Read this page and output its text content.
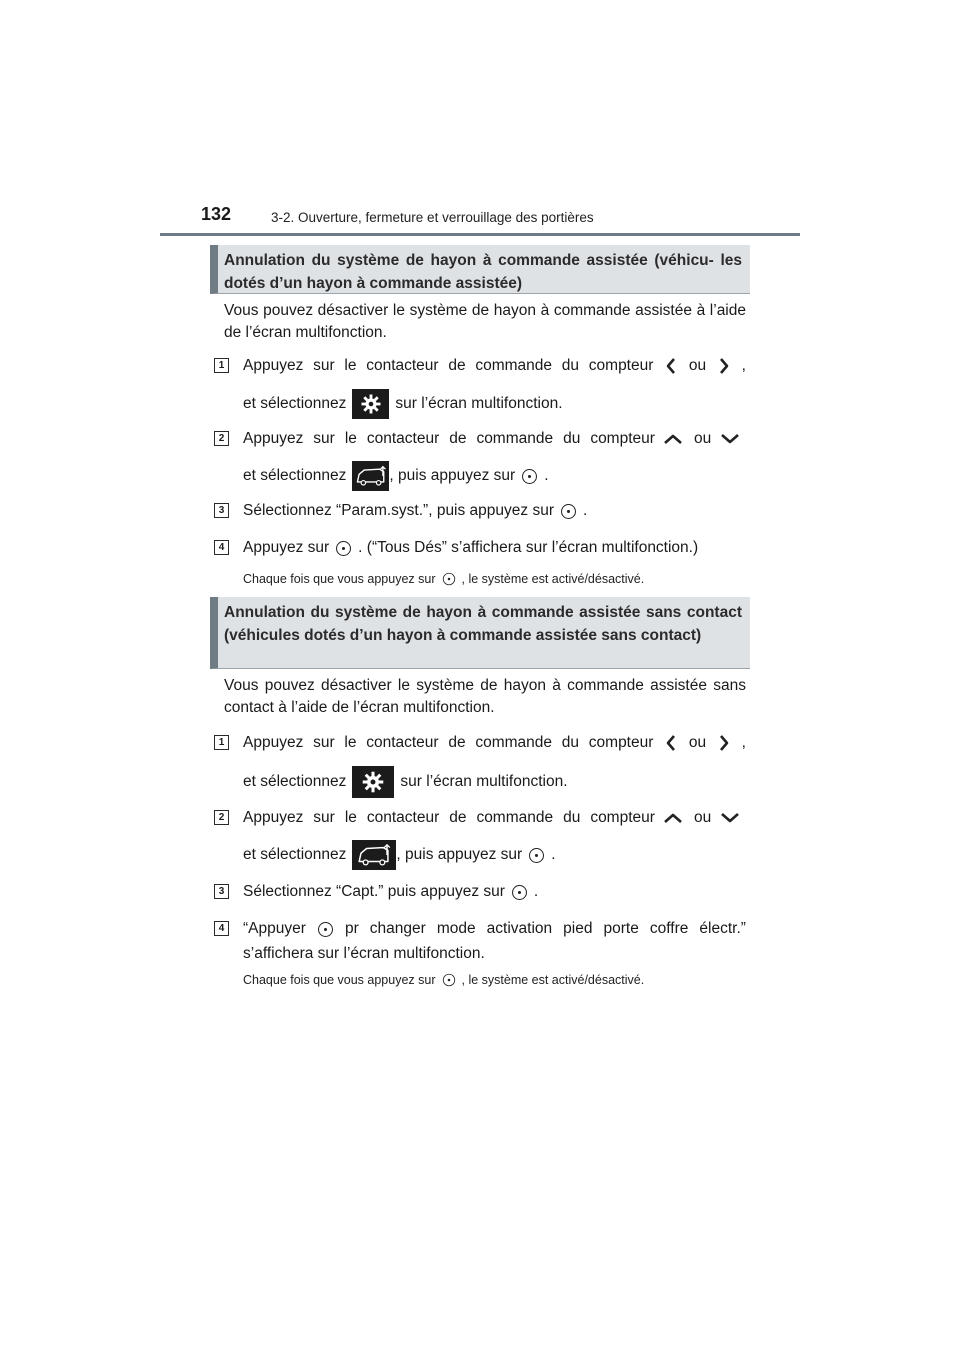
132	3-2. Ouverture, fermeture et verrouillage des portières
Annulation du système de hayon à commande assistée (véhicu- les dotés d’un hayon à commande assistée)
Vous pouvez désactiver le système de hayon à commande assistée à l’aide de l’écran multifonction.
1	Appuyez sur le contacteur de commande du compteur ou ,
et sélectionnez	sur l’écran multifonction.
2	Appuyez sur le contacteur de commande du compteur	ou
et sélectionnez	, puis appuyez sur .
3	Sélectionnez “Param.syst.”, puis appuyez sur .
4	Appuyez sur . (“Tous Dés” s’affichera sur l’écran multifonction.)
Chaque fois que vous appuyez sur , le système est activé/désactivé.
Annulation du système de hayon à commande assistée sans contact (véhicules dotés d’un hayon à commande assistée sans contact)
Vous pouvez désactiver le système de hayon à commande assistée sans contact à l’aide de l’écran multifonction.
1	Appuyez sur le contacteur de commande du compteur ou ,
et sélectionnez	sur l’écran multifonction.
2	Appuyez sur le contacteur de commande du compteur	ou
et sélectionnez	, puis appuyez sur .
3	Sélectionnez “Capt.” puis appuyez sur .
4	“Appuyer	pr changer mode activation pied porte coffre électr.”
s’affichera sur l’écran multifonction.
Chaque fois que vous appuyez sur , le système est activé/désactivé.
